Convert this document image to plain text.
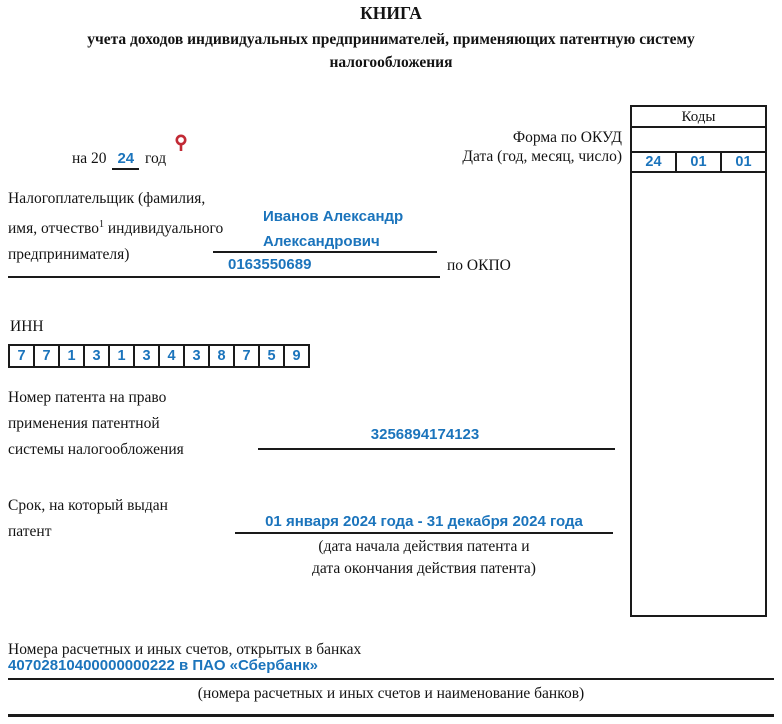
КНИГА
учета доходов индивидуальных предпринимателей, применяющих патентную систему
налогообложения
Коды
24	01	01
Форма по ОКУД
Дата (год, месяц, число)
на 20 24 год
Налогоплательщик (фамилия,
имя, отчество$^1$ индивидуального
предпринимателя)
Иванов Александр
Александрович
0163550689	по ОКПО
ИНН
7	7	1	3	1	3	4	3	8	7	5	9
Номер патента на право
применения патентной
системы налогообложения
3256894174123
Срок, на который выдан
патент
01 января 2024 года - 31 декабря 2024 года
(дата начала действия патента и
дата окончания действия патента)
Номера расчетных и иных счетов, открытых в банках
40702810400000000222 в ПАО «Сбербанк»
(номера расчетных и иных счетов и наименование банков)
